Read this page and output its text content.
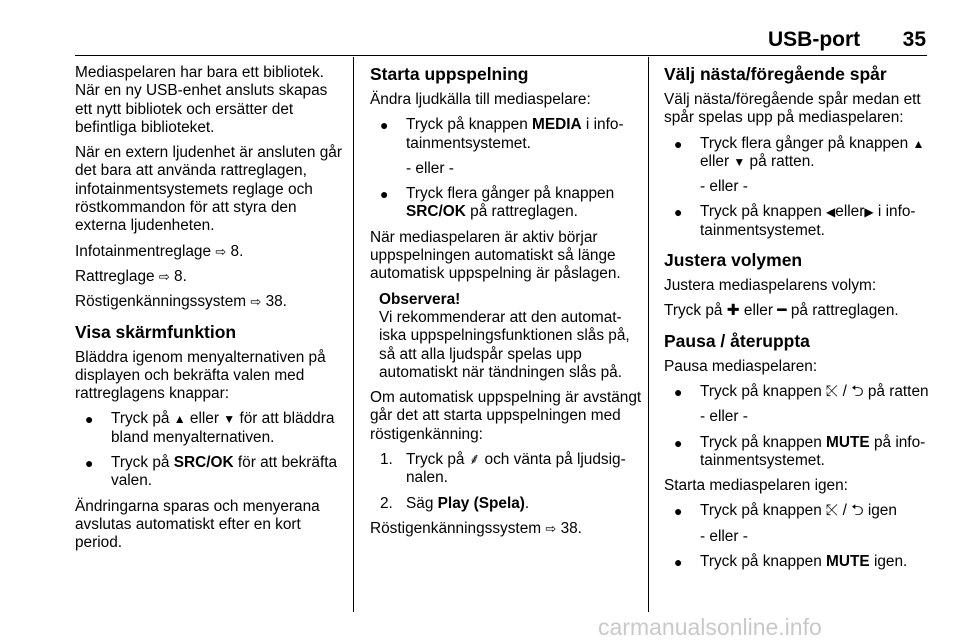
USB-port 35

Mediaspelaren har bara ett bibliotek. När en ny USB-enhet ansluts skapas ett nytt bibliotek och ersätter det befintliga biblioteket.

När en extern ljudenhet är ansluten går det bara att använda rattreglagen, infotainmentsystemets reglage och röstkommandon för att styra den externa ljudenheten.

Infotainmentreglage ⇨ 8.

Rattreglage ⇨ 8.

Röstigenkänningssystem ⇨ 38.

Visa skärmfunktion

Bläddra igenom menyalternativen på displayen och bekräfta valen med rattreglagens knappar:

● Tryck på ▲ eller ▼ för att bläddra bland menyalternativen.
● Tryck på SRC/OK för att bekräfta valen.

Ändringarna sparas och menyerana avslutas automatiskt efter en kort period.

Starta uppspelning

Ändra ljudkälla till mediaspelare:

● Tryck på knappen MEDIA i infotainmentsystemet.
- eller -
● Tryck flera gånger på knappen SRC/OK på rattreglagen.

När mediaspelaren är aktiv börjar uppspelningen automatiskt så länge automatisk uppspelning är påslagen.

Observera!
Vi rekommenderar att den automatiska uppspelningsfunktionen slås på, så att alla ljudspår spelas upp automatiskt när tändningen slås på.

Om automatisk uppspelning är avstängt går det att starta uppspelningen med röstigenkänning:

1. Tryck på ⸙ och vänta på ljudsignalen.
2. Säg Play (Spela).

Röstigenkänningssystem ⇨ 38.

Välj nästa/föregående spår

Välj nästa/föregående spår medan ett spår spelas upp på mediaspelaren:

● Tryck flera gånger på knappen ▲ eller ▼ på ratten.
- eller -
● Tryck på knappen ◀eller▶ i infotainmentsystemet.
Justera volymen

Justera mediaspelarens volym:

Tryck på ✚ eller ━ på rattreglagen.

Pausa / återuppta

Pausa mediaspelaren:

● Tryck på knappen ⤪ / ⮌ på ratten
- eller -
● Tryck på knappen MUTE på infotainmentsystemet.

Starta mediaspelaren igen:

● Tryck på knappen ⤪ / ⮌ igen
- eller -
● Tryck på knappen MUTE igen.
carmanualsonline.info
